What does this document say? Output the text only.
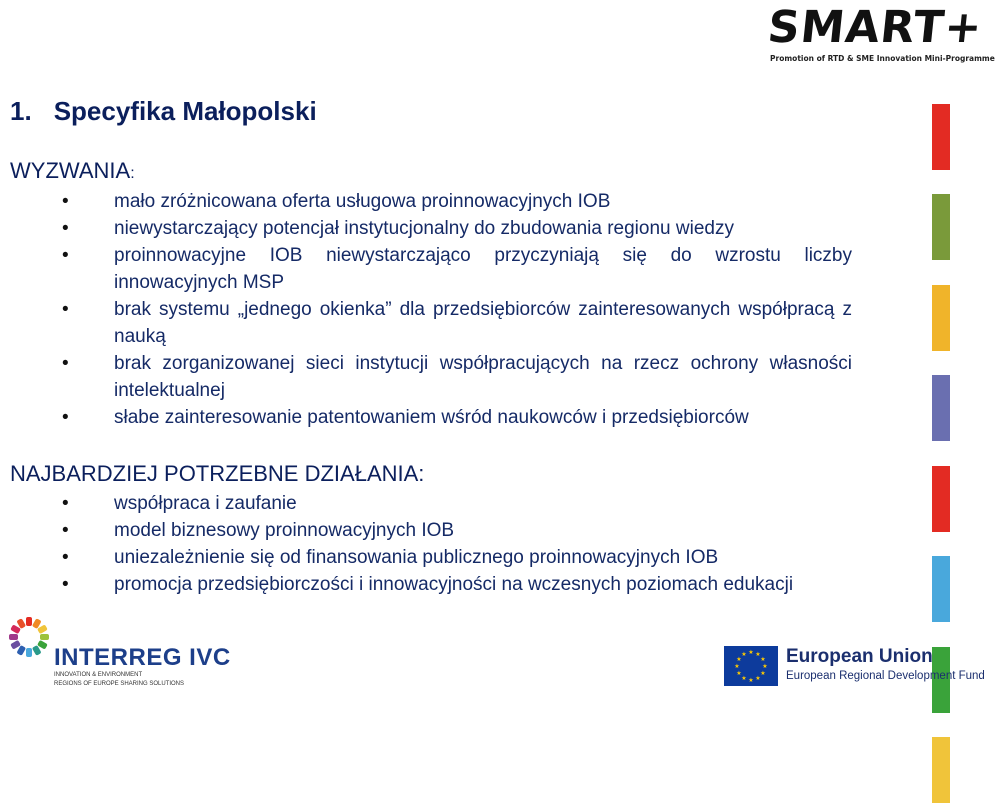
SMART+
Promotion of RTD & SME Innovation Mini-Programme
1. Specyfika Małopolski
WYZWANIA:
• mało zróżnicowana oferta usługowa proinnowacyjnych IOB
• niewystarczający potencjał instytucjonalny do zbudowania regionu wiedzy
• proinnowacyjne IOB niewystarczająco przyczyniają się do wzrostu liczby innowacyjnych MSP
• brak systemu „jednego okienka” dla przedsiębiorców zainteresowanych współpracą z nauką
• brak zorganizowanej sieci instytucji współpracujących na rzecz ochrony własności intelektualnej
• słabe zainteresowanie patentowaniem wśród naukowców i przedsiębiorców
NAJBARDZIEJ POTRZEBNE DZIAŁANIA:
• współpraca i zaufanie
• model biznesowy proinnowacyjnych IOB
• uniezależnienie się od finansowania publicznego proinnowacyjnych IOB
• promocja przedsiębiorczości i innowacyjności na wczesnych poziomach edukacji
INTERREG IVC
INNOVATION & ENVIRONMENT
REGIONS OF EUROPE SHARING SOLUTIONS
★ ★
★
★
★
★
★
★
★
★
★
★ European Union
European Regional Development Fund
